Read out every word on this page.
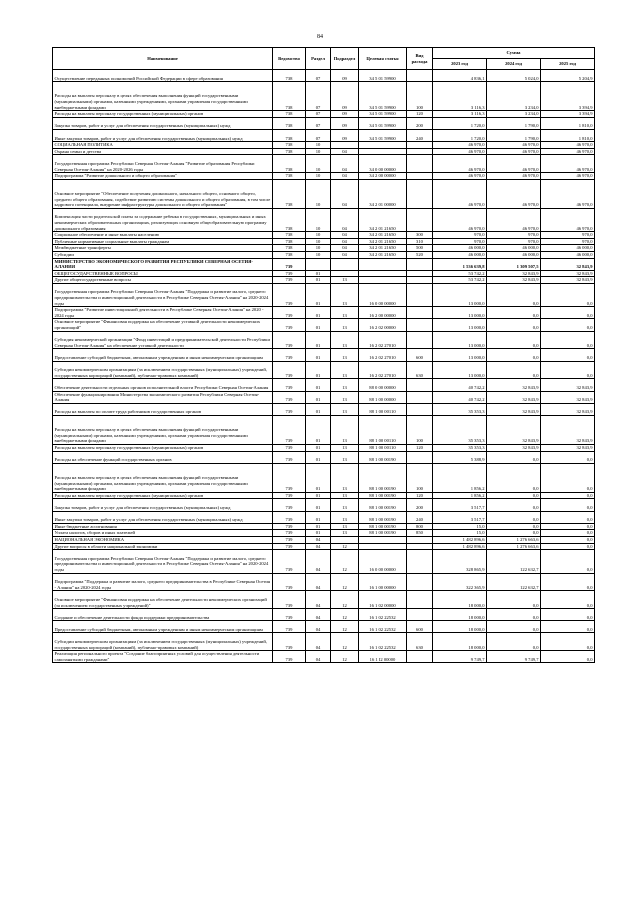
84
Наименование	Ведомство	Раздел	Подраздел	Целевая статья	Вид расхода	Сумма		
						2023 год	2024 год	2025 год
Осуществление переданных полномочий Российской Федерации в сфере образования	738	07	09	34 5 01 59900		4 836,1	5 024,0	5 204,9
Расходы на выплаты персоналу в целях обеспечения выполнения функций государственными (муниципальными) органами, казенными учреждениями, органами управления государственными внебюджетными фондами	738	07	09	34 5 01 59900	100	3 116,3	3 234,0	3 394,9
Расходы на выплаты персоналу государственных (муниципальных) органов	738	07	09	34 5 01 59900	120	3 116,3	3 234,0	3 394,9
Закупка товаров, работ и услуг для обеспечения государственных (муниципальных) нужд	738	07	09	34 5 01 59900	200	1 720,0	1 790,0	1 810,0
Иные закупки товаров, работ и услуг для обеспечения государственных (муниципальных) нужд	738	07	09	34 5 01 59900	240	1 720,0	1 790,0	1 810,0
СОЦИАЛЬНАЯ ПОЛИТИКА	738	10				46 970,0	46 970,0	46 970,0
Охрана семьи и детства	738	10	04			46 970,0	46 970,0	46 970,0
Государственная программа Республики Северная Осетия-Алания "Развитие образования Республики Северная Осетия-Алания" на 2020-2026 годы	738	10	04	34 0 00 00000		46 970,0	46 970,0	46 970,0
Подпрограмма "Развитие дошкольного и общего образования"	738	10	04	34 2 00 00000		46 970,0	46 970,0	46 970,0
Основное мероприятие "Обеспечение получения дошкольного, начального общего, основного общего, среднего общего образования, содействие развитию системы дошкольного и общего образования, в том числе кадрового потенциала, внедрение инфраструктуры дошкольного и общего образования"	738	10	04	34 2 01 00000		46 970,0	46 970,0	46 970,0
Компенсация части родительской платы за содержание ребенка в государственных, муниципальных и иных некоммерческих образовательных организациях, реализующих основную общеобразовательную программу дошкольного образования	738	10	04	34 2 01 21650		46 970,0	46 970,0	46 970,0
Социальное обеспечение и иные выплаты населению	738	10	04	34 2 01 21650	300	970,0	970,0	970,0
Публичные нормативные социальные выплаты гражданам	738	10	04	34 2 01 21650	310	970,0	970,0	970,0
Межбюджетные трансферты	738	10	04	34 2 01 21650	500	46 000,0	46 000,0	46 000,0
Субсидии	738	10	04	34 2 01 21650	520	46 000,0	46 000,0	46 000,0
МИНИСТЕРСТВО ЭКОНОМИЧЕСКОГО РАЗВИТИЯ РЕСПУБЛИКИ СЕВЕРНАЯ ОСЕТИЯ-АЛАНИЯ	739					1 536 639,8	1 309 507,5	32 843,9
ОБЩЕГОСУДАРСТВЕННЫЕ ВОПРОСЫ	739	01				53 742,2	32 843,9	32 843,9
Другие общегосударственные вопросы	739	01	13			53 742,2	32 843,9	32 843,9
Государственная программа Республики Северная Осетия-Алания "Поддержка и развитие малого, среднего предпринимательства и инвестиционной деятельности в Республике Северная Осетия-Алания" на 2020-2024 годы	739	01	13	16 0 00 00000		13 000,0	0,0	0,0
Подпрограмма "Развитие инвестиционной деятельности в Республике Северная Осетия-Алания" на 2020 - 2024 годы	739	01	13	16 2 00 00000		13 000,0	0,0	0,0
Основное мероприятие "Финансовая поддержка на обеспечение уставной деятельности некоммерческих организаций"	739	01	13	16 2 02 00000		13 000,0	0,0	0,0
Субсидия некоммерческой организации "Фонд инвестиций и предпринимательской деятельности Республики Северная Осетия-Алания" на обеспечение уставной деятельности	739	01	13	16 2 02 27010		13 000,0	0,0	0,0
Предоставление субсидий бюджетным, автономным учреждениям и иным некоммерческим организациям	739	01	13	16 2 02 27010	600	13 000,0	0,0	0,0
Субсидии некоммерческим организациям (за исключением государственных (муниципальных) учреждений, государственных корпораций (компаний), публично-правовых компаний)	739	01	13	16 2 02 27010	630	13 000,0	0,0	0,0
Обеспечение деятельности отдельных органов исполнительной власти Республики Северная Осетия-Алания	739	01	13	88 0 00 00000		40 742,2	32 843,9	32 843,9
Обеспечение функционирования Министерства экономического развития Республики Северная Осетия-Алания	739	01	13	88 1 00 00000		40 742,2	32 843,9	32 843,9
Расходы на выплаты по оплате труда работников государственных органов	739	01	13	88 1 00 00110		35 353,3	32 843,9	32 843,9
Расходы на выплаты персоналу в целях обеспечения выполнения функций государственными (муниципальными) органами, казенными учреждениями, органами управления государственными внебюджетными фондами	739	01	13	88 1 00 00110	100	35 353,3	32 843,9	32 843,9
Расходы на выплаты персоналу государственных (муниципальных) органов	739	01	13	88 1 00 00110	120	35 353,3	32 843,9	32 843,9
Расходы на обеспечение функций государственных органов	739	01	13	88 1 00 00190		5 388,9	0,0	0,0
Расходы на выплаты персоналу в целях обеспечения выполнения функций государственными (муниципальными) органами, казенными учреждениями, органами управления государственными внебюджетными фондами	739	01	13	88 1 00 00190	100	1 856,2	0,0	0,0
Расходы на выплаты персоналу государственных (муниципальных) органов	739	01	13	88 1 00 00190	120	1 856,2	0,0	0,0
Закупка товаров, работ и услуг для обеспечения государственных (муниципальных) нужд	739	01	13	88 1 00 00190	200	3 517,7	0,0	0,0
Иные закупки товаров, работ и услуг для обеспечения государственных (муниципальных) нужд	739	01	13	88 1 00 00190	240	3 517,7	0,0	0,0
Иные бюджетные ассигнования	739	01	13	88 1 00 00190	800	15,0	0,0	0,0
Уплата налогов, сборов и иных платежей	739	01	13	88 1 00 00190	850	15,0	0,0	0,0
НАЦИОНАЛЬНАЯ ЭКОНОМИКА	739	04				1 482 896,6	1 276 663,6	0,0
Другие вопросы в области национальной экономики	739	04	12			1 482 896,6	1 276 663,6	0,0
Государственная программа Республики Северная Осетия-Алания "Поддержка и развитие малого, среднего предпринимательства и инвестиционной деятельности в Республике Северная Осетия-Алания" на 2020-2024 годы	739	04	12	16 0 00 00000		328 865,9	122 632,7	0,0
Подпрограмма "Поддержка и развитие малого, среднего предпринимательства в Республике Северная Осетия - Алания" на 2020-2024 годы	739	04	12	16 1 00 00000		322 365,9	122 632,7	0,0
Основное мероприятие "Финансовая поддержка на обеспечение деятельности некоммерческих организаций (за исключением государственных учреждений)"	739	04	12	16 1 02 00000		18 000,0	0,0	0,0
Создание и обеспечение деятельности фонда поддержки предпринимательства	739	04	12	16 1 02 22532		18 000,0	0,0	0,0
Предоставление субсидий бюджетным, автономным учреждениям и иным некоммерческим организациям	739	04	12	16 1 02 22532	600	18 000,0	0,0	0,0
Субсидии некоммерческим организациям (за исключением государственных (муниципальных) учреждений, государственных корпораций (компаний), публично-правовых компаний)	739	04	12	16 1 02 22532	630	18 000,0	0,0	0,0
Реализация регионального проекта "Создание благоприятных условий для осуществления деятельности самозанятыми гражданами"	739	04	12	16 1 I2 00000		9 749,7	9 749,7	0,0
